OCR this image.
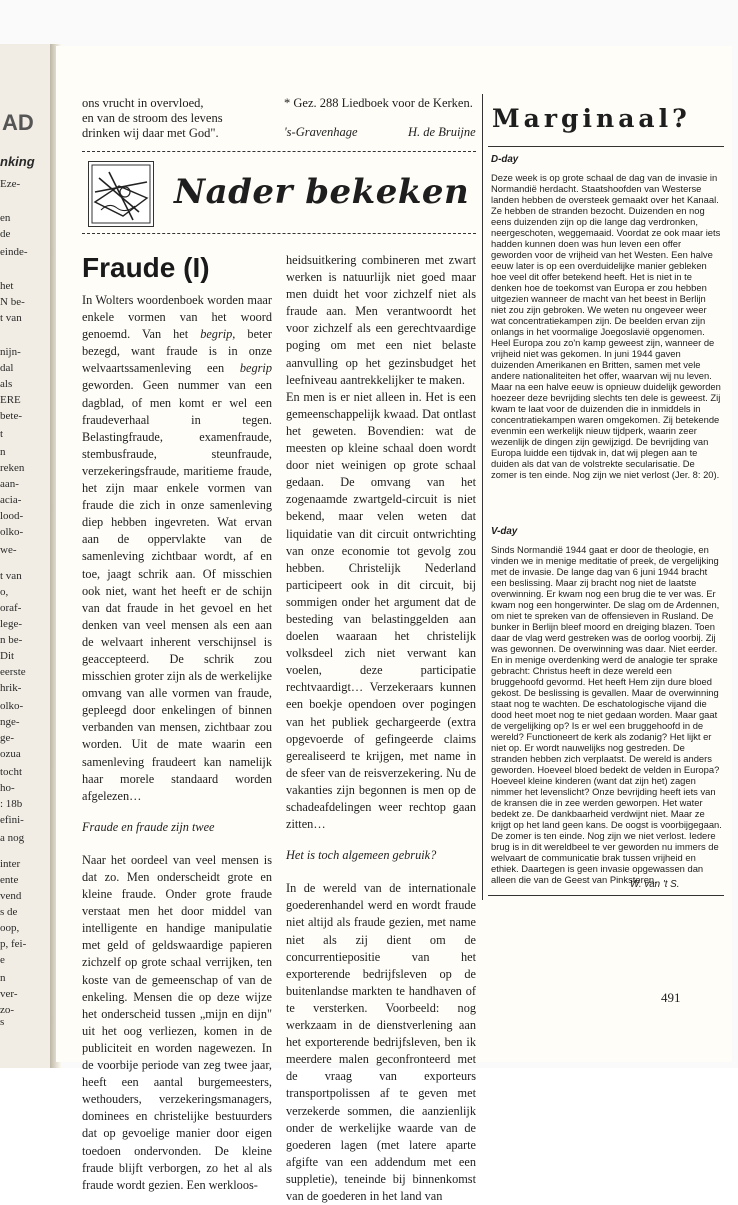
AD
nking
Eze-
en
de
einde-
het
N be-
t van
nijn-
dal
als
ERE
bete-
t
n
reken
aan-
acia-
lood-
olko-
we-
t van
o,
oraf-
lege-
n be-
Dit
eerste
hrik-
olko-
nge-
ge-
ozua
tocht
ho-
: 18b
efini-
a nog
inter
ente
vend
s de
oop,
p, fei-
e
n
ver-
zo-
s
ons vrucht in overvloed,
en van de stroom des levens
drinken wij daar met God".
* Gez. 288 Liedboek voor de Kerken.
's-Gravenhage	H. de Bruijne
Nader bekeken
Fraude (I)

In Wolters woordenboek worden maar enkele vormen van het woord genoemd. Van het begrip, beter bezegd, want fraude is in onze welvaartssamenleving een begrip geworden. Geen nummer van een dagblad, of men komt er wel een fraudeverhaal in tegen. Belastingfraude, examenfraude, stembusfraude, steunfraude, verzekeringsfraude, maritieme fraude, het zijn maar enkele vormen van fraude die zich in onze samenleving diep hebben ingevreten. Wat ervan aan de oppervlakte van de samenleving zichtbaar wordt, af en toe, jaagt schrik aan. Of misschien ook niet, want het heeft er de schijn van dat fraude in het gevoel en het denken van veel mensen als een aan de welvaart inherent verschijnsel is geaccepteerd. De schrik zou misschien groter zijn als de werkelijke omvang van alle vormen van fraude, gepleegd door enkelingen of binnen verbanden van mensen, zichtbaar zou worden. Uit de mate waarin een samenleving fraudeert kan namelijk haar morele standaard worden afgelezen…

Fraude en fraude zijn twee

Naar het oordeel van veel mensen is dat zo. Men onderscheidt grote en kleine fraude. Onder grote fraude verstaat men het door middel van intelligente en handige manipulatie met geld of geldswaardige papieren zichzelf op grote schaal verrijken, ten koste van de gemeenschap of van de enkeling. Mensen die op deze wijze het onderscheid tussen „mijn en dijn" uit het oog verliezen, komen in de publiciteit en worden nagewezen. In de voorbije periode van zeg twee jaar, heeft een aantal burgemeesters, wethouders, verzekeringsmanagers, dominees en christelijke bestuurders dat op gevoelige manier door eigen toedoen ondervonden. De kleine fraude blijft verborgen, zo het al als fraude wordt gezien. Een werkloos-

heidsuitkering combineren met zwart werken is natuurlijk niet goed maar men duidt het voor zichzelf niet als fraude aan. Men verantwoordt het voor zichzelf als een gerechtvaardige poging om met een niet belaste aanvulling op het gezinsbudget het leefniveau aantrekkelijker te maken.

En men is er niet alleen in. Het is een gemeenschappelijk kwaad. Dat ontlast het geweten. Bovendien: wat de meesten op kleine schaal doen wordt door niet weinigen op grote schaal gedaan. De omvang van het zogenaamde zwartgeld-circuit is niet bekend, maar velen weten dat liquidatie van dit circuit ontwrichting van onze economie tot gevolg zou hebben. Christelijk Nederland participeert ook in dit circuit, bij sommigen onder het argument dat de besteding van belastinggelden aan doelen waaraan het christelijk volksdeel zich niet verwant kan voelen, deze participatie rechtvaardigt… Verzekeraars kunnen een boekje opendoen over pogingen van het publiek gechargeerde (extra opgevoerde of gefingeerde claims gerealiseerd te krijgen, met name in de sfeer van de reisverzekering. Nu de vakanties zijn begonnen is men op de schadeafdelingen weer rechtop gaan zitten…

Het is toch algemeen gebruik?

In de wereld van de internationale goederenhandel werd en wordt fraude niet altijd als fraude gezien, met name niet als zij dient om de concurrentiepositie van het exporterende bedrijfsleven op de buitenlandse markten te handhaven of te versterken. Voorbeeld: nog werkzaam in de dienstverlening aan het exporterende bedrijfsleven, ben ik meerdere malen geconfronteerd met de vraag van exporteurs transportpolissen af te geven met verzekerde sommen, die aanzienlijk onder de werkelijke waarde van de goederen lagen (met latere aparte afgifte van een addendum met een suppletie), teneinde bij binnenkomst van de goederen in het land van

Marginaal?
D-day

Deze week is op grote schaal de dag van de invasie in Normandië herdacht. Staatshoofden van Westerse landen hebben de oversteek gemaakt over het Kanaal. Ze hebben de stranden bezocht. Duizenden en nog eens duizenden zijn op die lange dag verdronken, neergeschoten, weggemaaid. Voordat ze ook maar iets hadden kunnen doen was hun leven een offer geworden voor de vrijheid van het Westen. Een halve eeuw later is op een overduidelijke manier gebleken hoe veel dit offer betekend heeft. Het is niet in te denken hoe de toekomst van Europa er zou hebben uitgezien wanneer de macht van het beest in Berlijn niet zou zijn gebroken. We weten nu ongeveer weer wat concentratiekampen zijn. De beelden ervan zijn onlangs in het voormalige Joegoslavië opgenomen. Heel Europa zou zo'n kamp geweest zijn, wanneer de vrijheid niet was gekomen. In juni 1944 gaven duizenden Amerikanen en Britten, samen met vele andere nationaliteiten het offer, waarvan wij nu leven. Maar na een halve eeuw is opnieuw duidelijk geworden hoezeer deze bevrijding slechts ten dele is geweest. Zij kwam te laat voor de duizenden die in inmiddels in concentratiekampen waren omgekomen. Zij betekende evenmin een werkelijk nieuw tijdperk, waarin zeer wezenlijk de dingen zijn gewijzigd. De bevrijding van Europa luidde een tijdvak in, dat wij plegen aan te duiden als dat van de volstrekte secularisatie. De zomer is ten einde. Nog zijn we niet verlost (Jer. 8: 20).

V-day

Sinds Normandië 1944 gaat er door de theologie, en vinden we in menige meditatie of preek, de vergelijking met de invasie. De lange dag van 6 juni 1944 bracht een beslissing. Maar zij bracht nog niet de laatste overwinning. Er kwam nog een brug die te ver was. Er kwam nog een hongerwinter. De slag om de Ardennen, om niet te spreken van de offensieven in Rusland. De bunker in Berlijn bleef moord en dreiging blazen. Toen daar de vlag werd gestreken was de oorlog voorbij. Zij was gewonnen. De overwinning was daar. Niet eerder. En in menige overdenking werd de analogie ter sprake gebracht: Christus heeft in deze wereld een bruggehoofd gevormd. Het heeft Hem zijn dure bloed gekost. De beslissing is gevallen. Maar de overwinning staat nog te wachten. De eschatologische vijand die dood heet moet nog te niet gedaan worden. Maar gaat de vergelijking op? Is er wel een bruggehoofd in de wereld? Functioneert de kerk als zodanig? Het lijkt er niet op. Er wordt nauwelijks nog gestreden. De stranden hebben zich verplaatst. De wereld is anders geworden. Hoeveel bloed bedekt de velden in Europa? Hoeveel kleine kinderen (want dat zijn het) zagen nimmer het levenslicht? Onze bevrijding heeft iets van de kransen die in zee werden geworpen. Het water bedekt ze. De dankbaarheid verdwijnt niet. Maar ze krijgt op het land geen kans. De oogst is voorbijgegaan. De zomer is ten einde. Nog zijn we niet verlost. Iedere brug is in dit wereldbeel te ver geworden nu immers de welvaart de communicatie brak tussen vrijheid en ethiek. Daartegen is geen invasie opgewassen dan alleen die van de Geest van Pinksteren.

W. van 't S.
491
